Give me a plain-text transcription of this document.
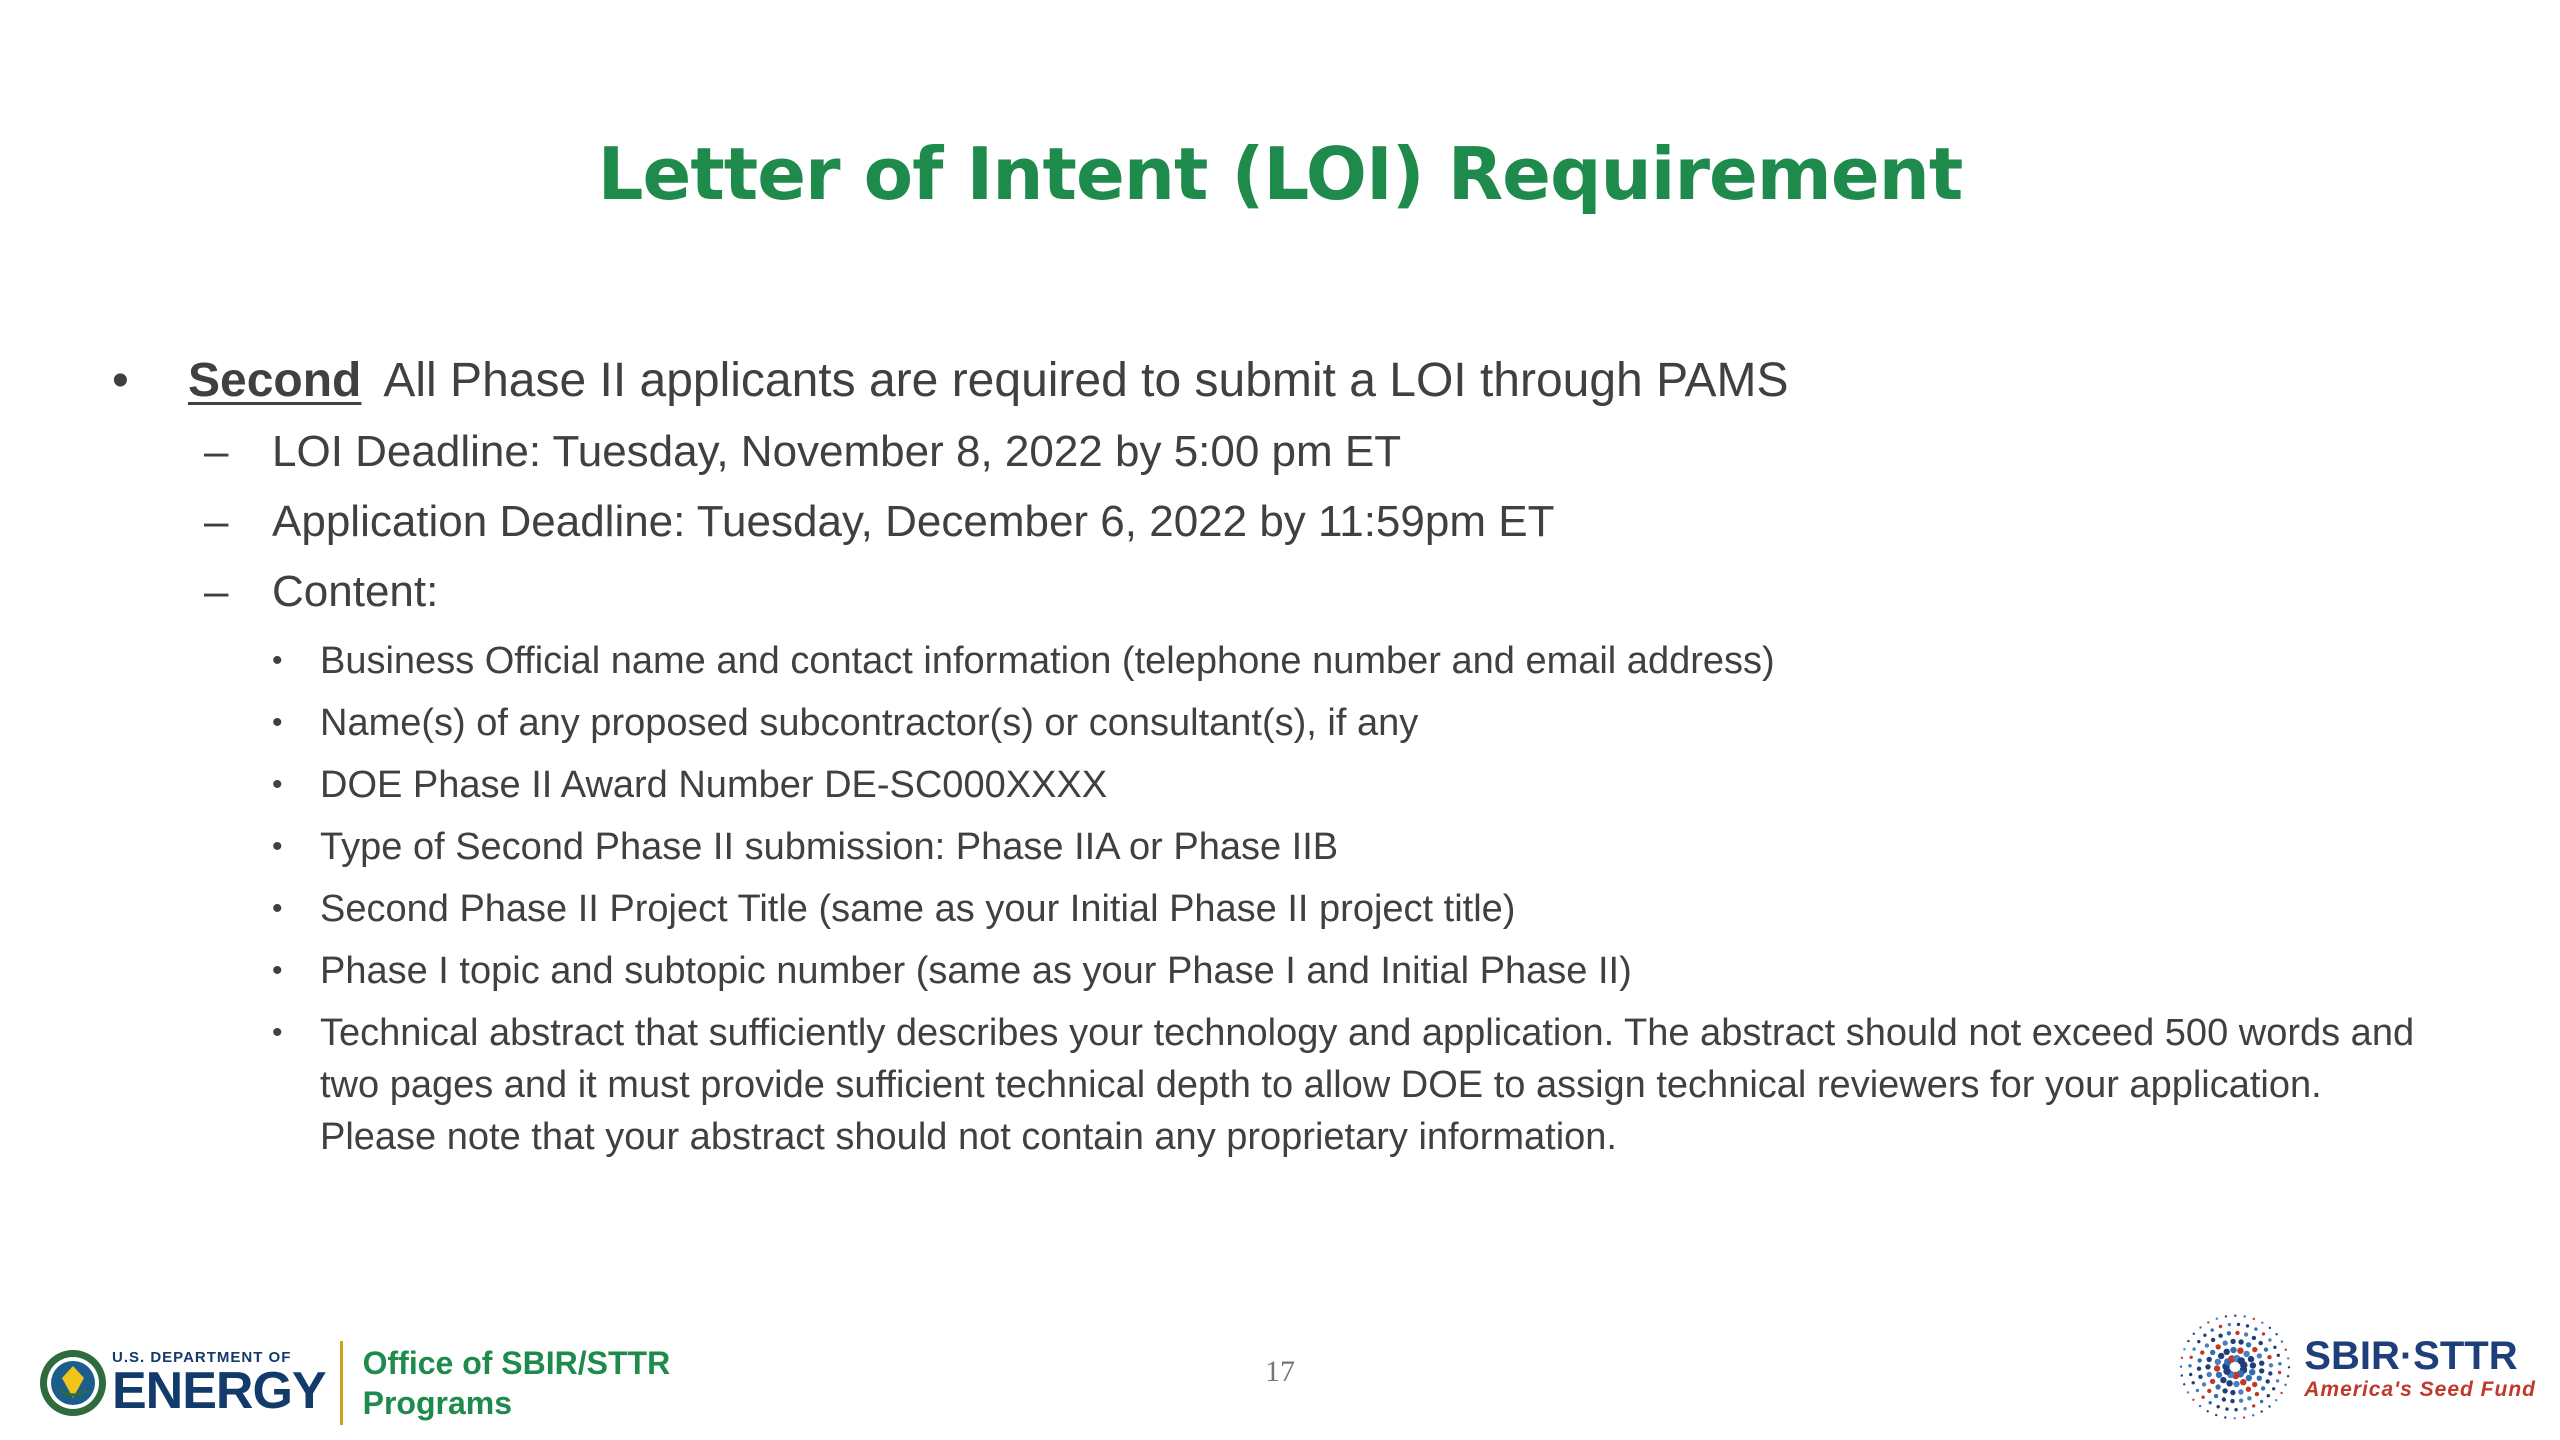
Letter of Intent (LOI) Requirement
• Second All Phase II applicants are required to submit a LOI through PAMS
– LOI Deadline: Tuesday, November 8, 2022 by 5:00 pm ET
– Application Deadline: Tuesday, December 6, 2022 by 11:59pm ET
– Content:
• Business Official name and contact information (telephone number and email address)
• Name(s) of any proposed subcontractor(s) or consultant(s), if any
• DOE Phase II Award Number DE-SC000XXXX
• Type of Second Phase II submission: Phase IIA or Phase IIB
• Second Phase II Project Title (same as your Initial Phase II project title)
• Phase I topic and subtopic number (same as your Phase I and Initial Phase II)
• Technical abstract that sufficiently describes your technology and application. The abstract should not exceed 500 words and two pages and it must provide sufficient technical depth to allow DOE to assign technical reviewers for your application. Please note that your abstract should not contain any proprietary information.
U.S. DEPARTMENT OF
ENERGY Office of SBIR/STTR
Programs
17	SBIR·STTR
America's Seed Fund
